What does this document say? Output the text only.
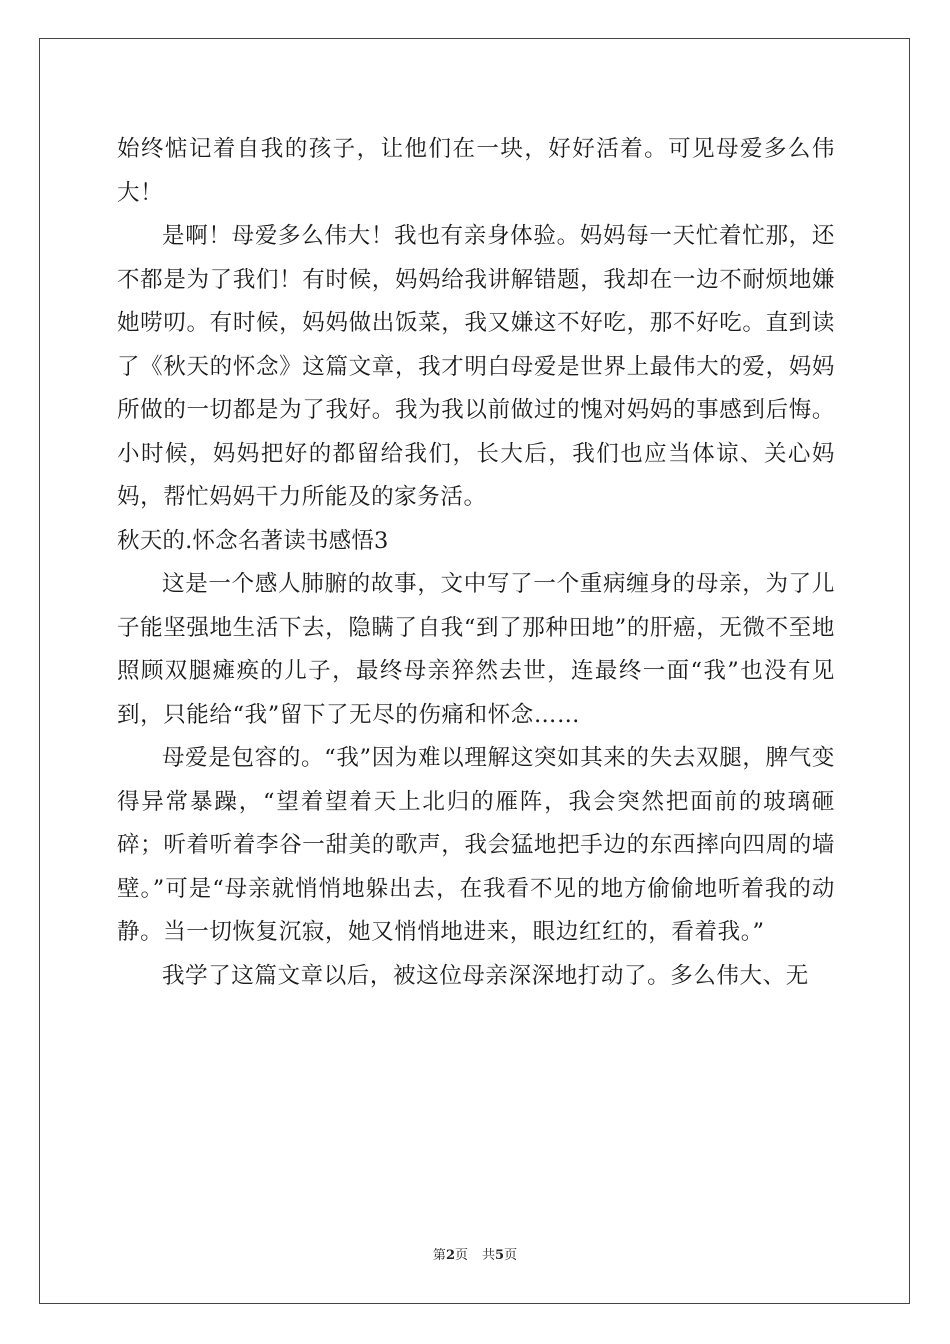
始终惦记着自我的孩子，让他们在一块，好好活着。可见母爱多么伟大！

是啊！母爱多么伟大！我也有亲身体验。妈妈每一天忙着忙那，还不都是为了我们！有时候，妈妈给我讲解错题，我却在一边不耐烦地嫌她唠叨。有时候，妈妈做出饭菜，我又嫌这不好吃，那不好吃。直到读了《秋天的怀念》这篇文章，我才明白母爱是世界上最伟大的爱，妈妈所做的一切都是为了我好。我为我以前做过的愧对妈妈的事感到后悔。小时候，妈妈把好的都留给我们，长大后，我们也应当体谅、关心妈妈，帮忙妈妈干力所能及的家务活。

秋天的.怀念名著读书感悟3

这是一个感人肺腑的故事，文中写了一个重病缠身的母亲，为了儿子能坚强地生活下去，隐瞒了自我“到了那种田地”的肝癌，无微不至地照顾双腿瘫痪的儿子，最终母亲猝然去世，连最终一面“我”也没有见到，只能给“我”留下了无尽的伤痛和怀念……

母爱是包容的。“我”因为难以理解这突如其来的失去双腿，脾气变得异常暴躁，“望着望着天上北归的雁阵，我会突然把面前的玻璃砸碎；听着听着李谷一甜美的歌声，我会猛地把手边的东西摔向四周的墙壁。”可是“母亲就悄悄地躲出去，在我看不见的地方偷偷地听着我的动静。当一切恢复沉寂，她又悄悄地进来，眼边红红的，看着我。”

我学了这篇文章以后，被这位母亲深深地打动了。多么伟大、无

第2页 共5页
